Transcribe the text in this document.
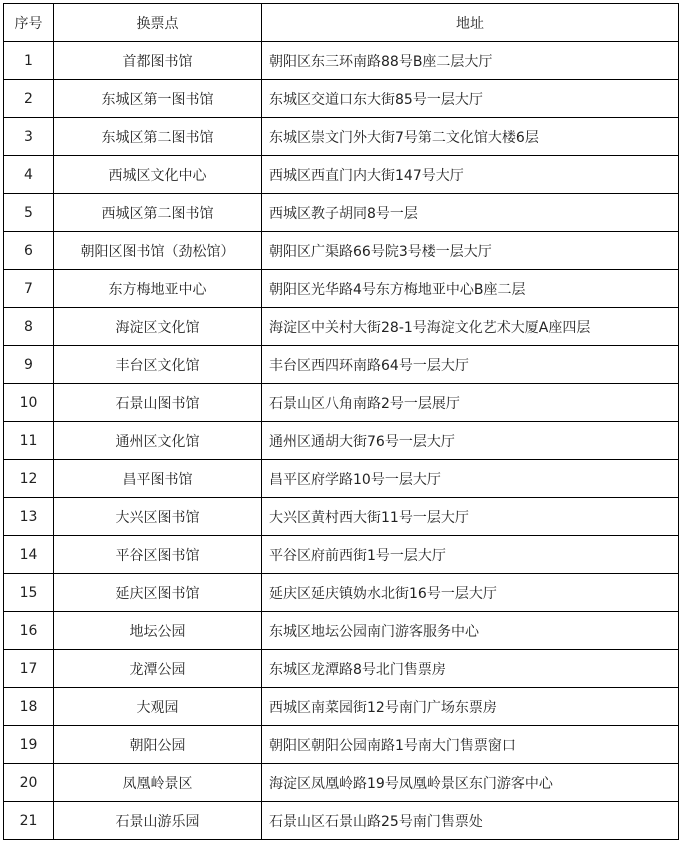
序号	换票点	地址
1	首都图书馆	朝阳区东三环南路88号B座二层大厅
2	东城区第一图书馆	东城区交道口东大街85号一层大厅
3	东城区第二图书馆	东城区崇文门外大街7号第二文化馆大楼6层
4	西城区文化中心	西城区西直门内大街147号大厅
5	西城区第二图书馆	西城区教子胡同8号一层
6	朝阳区图书馆（劲松馆）	朝阳区广渠路66号院3号楼一层大厅
7	东方梅地亚中心	朝阳区光华路4号东方梅地亚中心B座二层
8	海淀区文化馆	海淀区中关村大街28-1号海淀文化艺术大厦A座四层
9	丰台区文化馆	丰台区西四环南路64号一层大厅
10	石景山图书馆	石景山区八角南路2号一层展厅
11	通州区文化馆	通州区通胡大街76号一层大厅
12	昌平图书馆	昌平区府学路10号一层大厅
13	大兴区图书馆	大兴区黄村西大街11号一层大厅
14	平谷区图书馆	平谷区府前西街1号一层大厅
15	延庆区图书馆	延庆区延庆镇妫水北街16号一层大厅
16	地坛公园	东城区地坛公园南门游客服务中心
17	龙潭公园	东城区龙潭路8号北门售票房
18	大观园	西城区南菜园街12号南门广场东票房
19	朝阳公园	朝阳区朝阳公园南路1号南大门售票窗口
20	凤凰岭景区	海淀区凤凰岭路19号凤凰岭景区东门游客中心
21	石景山游乐园	石景山区石景山路25号南门售票处
